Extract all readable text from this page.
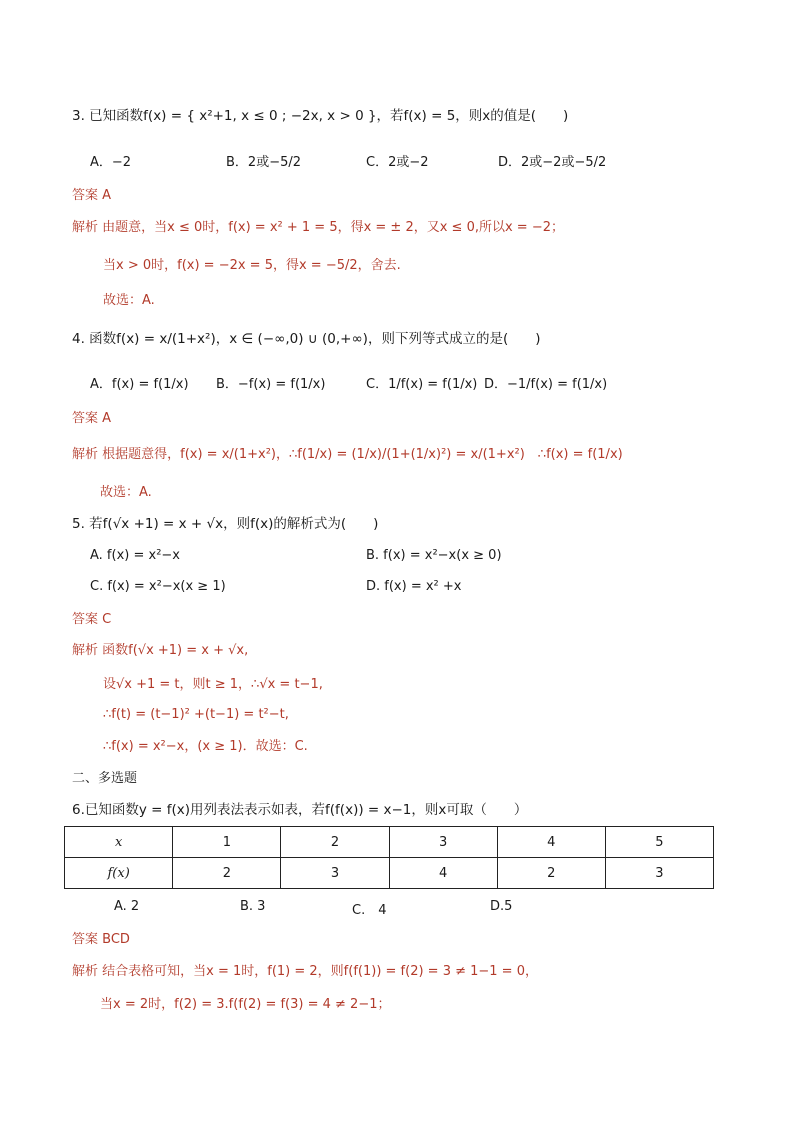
3. 已知函数f(x) = { x²+1, x ≤ 0 ; −2x, x > 0 }，若f(x) = 5，则x的值是(　　)
A．−2	B．2或−5/2	C．2或−2	D．2或−2或−5/2
答案 A
解析 由题意，当x ≤ 0时，f(x) = x² + 1 = 5，得x = ± 2，又x ≤ 0,所以x = −2；
当x > 0时，f(x) = −2x = 5，得x = −5/2，舍去.
故选：A.
4. 函数f(x) = x/(1+x²)，x ∈ (−∞,0) ∪ (0,+∞)，则下列等式成立的是(　　)
A．f(x) = f(1/x) B．−f(x) = f(1/x)	C．1/f(x) = f(1/x) D．−1/f(x) = f(1/x)
答案 A
解析 根据题意得，f(x) = x/(1+x²)，∴f(1/x) = (1/x)/(1+(1/x)²) = x/(1+x²)　∴f(x) = f(1/x)
故选：A.
5. 若f(√x +1) = x + √x，则f(x)的解析式为(　　)
A. f(x) = x²−x	B. f(x) = x²−x(x ≥ 0)
C. f(x) = x²−x(x ≥ 1)	D. f(x) = x² +x
答案 C
解析 函数f(√x +1) = x + √x,
设√x +1 = t，则t ≥ 1，∴√x = t−1,
∴f(t) = (t−1)² +(t−1) = t²−t,
∴f(x) = x²−x，(x ≥ 1)．故选：C.
二、多选题
6.已知函数y = f(x)用列表法表示如表，若f(f(x)) = x−1，则x可取（　　）
x	1	2	3	4	5
f(x)	2	3	4	2	3
A. 2	B. 3	C.　4	D.5
答案 BCD
解析 结合表格可知，当x = 1时，f(1) = 2，则f(f(1)) = f(2) = 3 ≠ 1−1 = 0，
当x = 2时，f(2) = 3.f(f(2) = f(3) = 4 ≠ 2−1；
